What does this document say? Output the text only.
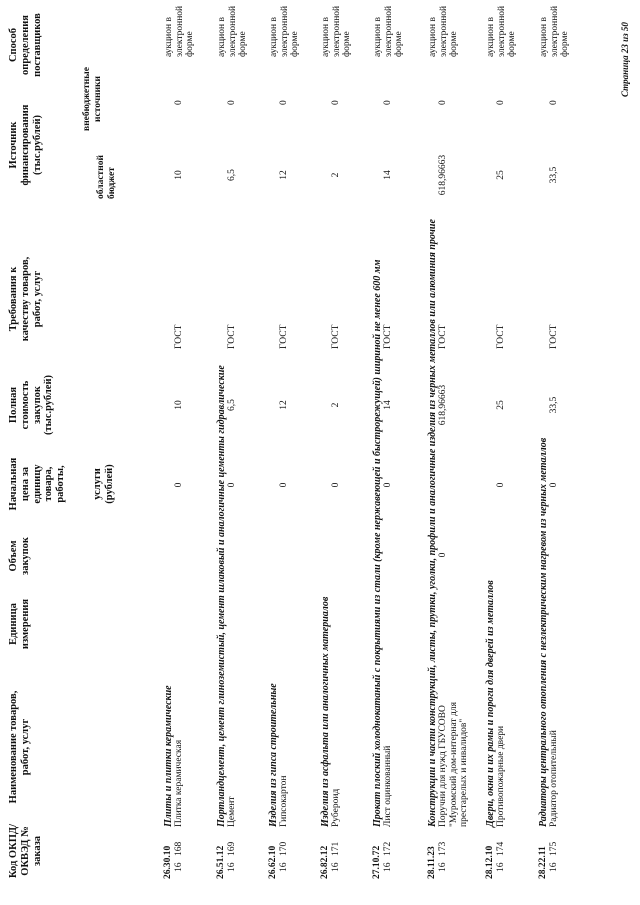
Код ОКПД/ ОКВЭД № заказа
Наименование товаров, работ, услуг
Единица измерения
Объем закупок
Начальная цена за единицу товара, работы, услуги (рублей)
Полная стоимость закупок (тыс.рублей)
Требования к качеству товаров, работ, услуг
Источник финансирования (тыс.рублей)
областной бюджет
внебюджетные источники
Способ определения поставщиков
26.30.10
Плиты и плитки керамические
16
168
Плитка керамическая
0
10
ГОСТ
10
0
аукцион в электронной форме
26.51.12
Портландцемент, цемент глиноземистый, цемент шлаковый и аналогичные цементы гидравлические
16
169
Цемент
0
6,5
ГОСТ
6,5
0
аукцион в электронной форме
26.62.10
Изделия из гипса строительные
16
170
Гипсокартон
0
12
ГОСТ
12
0
аукцион в электронной форме
26.82.12
Изделия из асфальта или аналогичных материалов
16
171
Рубероид
0
2
ГОСТ
2
0
аукцион в электронной форме
27.10.72
Прокат плоский холоднокатаный с покрытиями из стали (кроме нержавеющей и быстрорежущей) шириной не менее 600 мм
16
172
Лист оцинкованный
0
14
ГОСТ
14
0
аукцион в электронной форме
28.11.23
Конструкции и части конструкций, листы, прутки, уголки, профили и аналогичные изделия из черных металлов или алюминия прочие
16
173
Поручни для нужд ГБУСОВО "Муромский дом-интернат для престарелых и инвалидов"
0
618,96663
ГОСТ
618,96663
0
аукцион в электронной форме
28.12.10
Двери, окна и их рамы и пороги для дверей из металлов
16
174
Противопожарные двери
0
25
ГОСТ
25
0
аукцион в электронной форме
28.22.11
Радиаторы центрального отопления с незлектрическим нагревом из черных металлов
16
175
Радиатор отопительный
0
33,5
ГОСТ
33,5
0
аукцион в электронной форме	Страница 23 из 50
